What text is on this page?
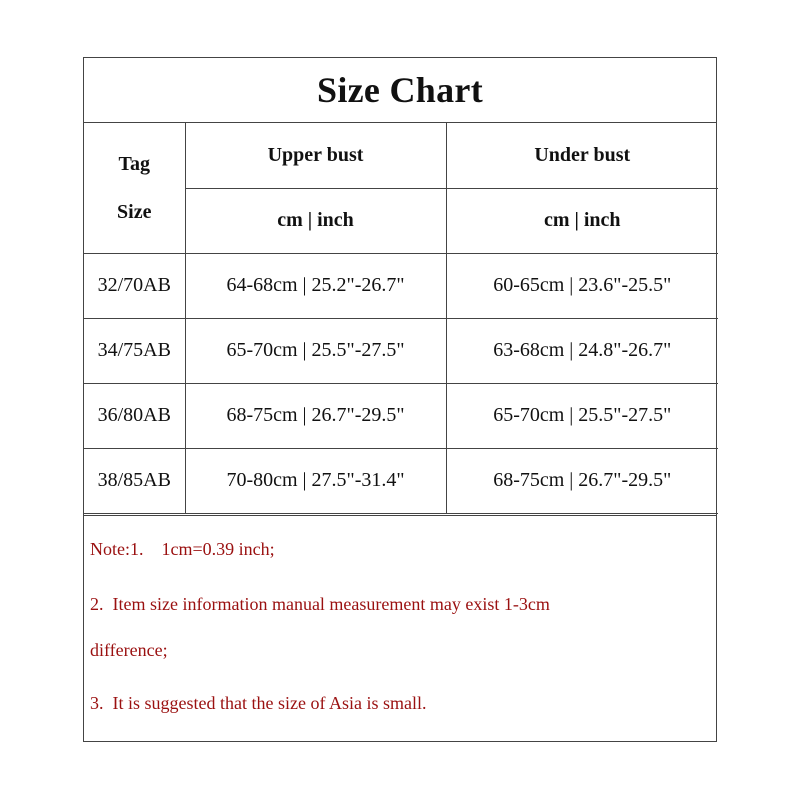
Size Chart
Tag
Size	Upper bust	Under bust
	cm | inch	cm | inch
32/70AB	64-68cm | 25.2"-26.7"	60-65cm | 23.6"-25.5"
34/75AB	65-70cm | 25.5"-27.5"	63-68cm | 24.8"-26.7"
36/80AB	68-75cm | 26.7"-29.5"	65-70cm | 25.5"-27.5"
38/85AB	70-80cm | 27.5"-31.4"	68-75cm | 26.7"-29.5"
Note:1.    1cm=0.39 inch;
2.  Item size information manual measurement may exist 1-3cm
difference;
3.  It is suggested that the size of Asia is small.
